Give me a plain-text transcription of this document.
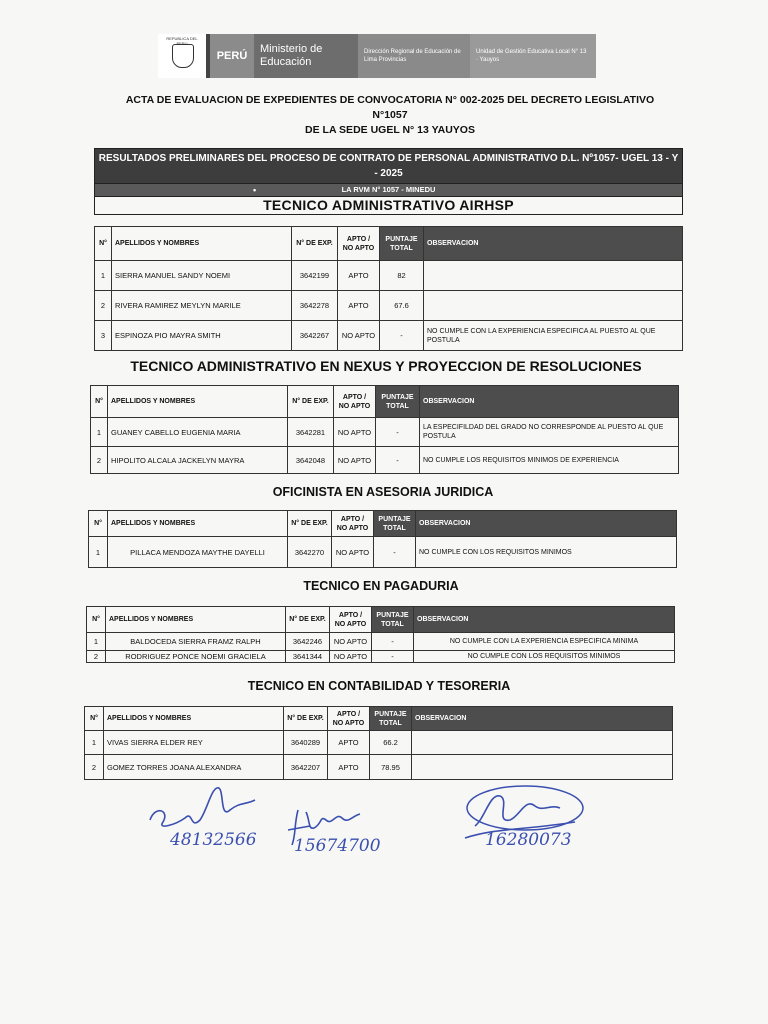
REPUBLICA DEL PERU
PERÚ
Ministerio de Educación
Dirección Regional de Educación de Lima Provincias
Unidad de Gestión Educativa Local N° 13 · Yauyos
ACTA DE EVALUACION DE EXPEDIENTES DE CONVOCATORIA N° 002-2025 DEL DECRETO LEGISLATIVO N°1057
DE LA SEDE UGEL N° 13 YAUYOS
RESULTADOS PRELIMINARES DEL PROCESO DE CONTRATO DE PERSONAL ADMINISTRATIVO D.L. Nº1057- UGEL 13 - Y - 2025
•	LA RVM N° 1057 - MINEDU
TECNICO ADMINISTRATIVO AIRHSP
N°	APELLIDOS Y NOMBRES	N° DE EXP.	APTO / NO APTO	PUNTAJE TOTAL	OBSERVACION
1	SIERRA MANUEL SANDY NOEMI	3642199	APTO	82	
2	RIVERA RAMIREZ MEYLYN MARILE	3642278	APTO	67.6	
3	ESPINOZA PIO MAYRA SMITH	3642267	NO APTO	-	NO CUMPLE CON LA EXPERIENCIA ESPECIFICA AL PUESTO AL QUE POSTULA
TECNICO ADMINISTRATIVO EN NEXUS Y PROYECCION DE RESOLUCIONES
N°	APELLIDOS Y NOMBRES	N° DE EXP.	APTO / NO APTO	PUNTAJE TOTAL	OBSERVACION
1	GUANEY CABELLO EUGENIA MARIA	3642281	NO APTO	-	LA ESPECIFILDAD DEL GRADO NO CORRESPONDE AL PUESTO AL QUE POSTULA
2	HIPOLITO ALCALA JACKELYN MAYRA	3642048	NO APTO	-	NO CUMPLE LOS REQUISITOS MINIMOS DE EXPERIENCIA
OFICINISTA EN ASESORIA JURIDICA
N°	APELLIDOS Y NOMBRES	N° DE EXP.	APTO / NO APTO	PUNTAJE TOTAL	OBSERVACION
1	PILLACA MENDOZA MAYTHE DAYELLI	3642270	NO APTO	-	NO CUMPLE CON LOS REQUISITOS MINIMOS
TECNICO EN PAGADURIA
N°	APELLIDOS Y NOMBRES	N° DE EXP.	APTO / NO APTO	PUNTAJE TOTAL	OBSERVACION
1	BALDOCEDA SIERRA FRAMZ RALPH	3642246	NO APTO	-	NO CUMPLE CON LA EXPERIENCIA ESPECIFICA MINIMA
2	RODRIGUEZ PONCE NOEMI GRACIELA	3641344	NO APTO	-	NO CUMPLE CON LOS REQUISITOS MINIMOS
TECNICO EN CONTABILIDAD Y TESORERIA
N°	APELLIDOS Y NOMBRES	N° DE EXP.	APTO / NO APTO	PUNTAJE TOTAL	OBSERVACION
1	VIVAS SIERRA ELDER REY	3640289	APTO	66.2	
2	GOMEZ TORRES JOANA ALEXANDRA	3642207	APTO	78.95	
48132566 15674700	16280073
